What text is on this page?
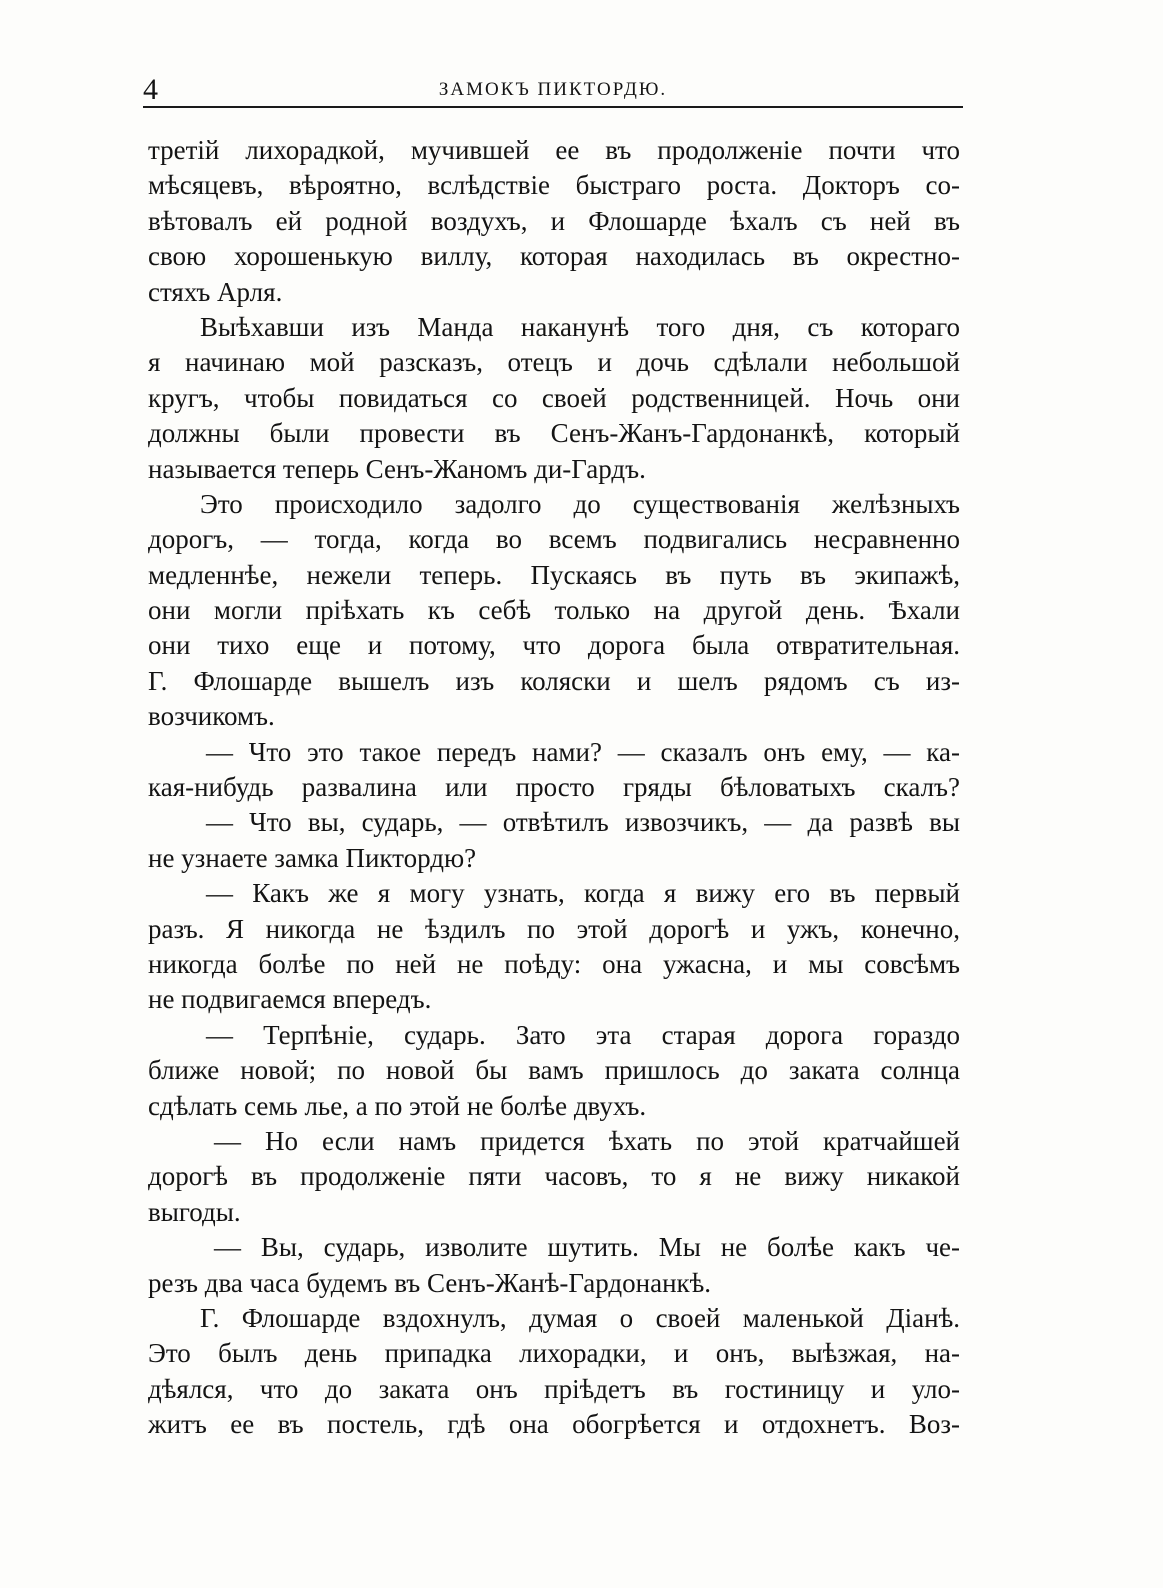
4	ЗАМОКЪ ПИКТОРДЮ.
третій лихорадкой, мучившей ее въ продолженіе почти что
мѣсяцевъ, вѣроятно, вслѣдствіе быстраго роста. Докторъ со-
вѣтовалъ ей родной воздухъ, и Флошарде ѣхалъ съ ней въ
свою хорошенькую виллу, которая находилась въ окрестно-
стяхъ Арля.
Выѣхавши изъ Манда наканунѣ того дня, съ котораго
я начинаю мой разсказъ, отецъ и дочь сдѣлали небольшой
кругъ, чтобы повидаться со своей родственницей. Ночь они
должны были провести въ Сенъ-Жанъ-Гардонанкѣ, который
называется теперь Сенъ-Жаномъ ди-Гардъ.
Это происходило задолго до существованія желѣзныхъ
дорогъ, — тогда, когда во всемъ подвигались несравненно
медленнѣе, нежели теперь. Пускаясь въ путь въ экипажѣ,
они могли пріѣхать къ себѣ только на другой день. Ѣхали
они тихо еще и потому, что дорога была отвратительная.
Г. Флошарде вышелъ изъ коляски и шелъ рядомъ съ из-
возчикомъ.
— Что это такое передъ нами? — сказалъ онъ ему, — ка-
кая-нибудь развалина или просто гряды бѣловатыхъ скалъ?
— Что вы, сударь, — отвѣтилъ извозчикъ, — да развѣ вы
не узнаете замка Пиктордю?
— Какъ же я могу узнать, когда я вижу его въ первый
разъ. Я никогда не ѣздилъ по этой дорогѣ и ужъ, конечно,
никогда болѣе по ней не поѣду: она ужасна, и мы совсѣмъ
не подвигаемся впередъ.
— Терпѣніе, сударь. Зато эта старая дорога гораздо
ближе новой; по новой бы вамъ пришлось до заката солнца
сдѣлать семь лье, а по этой не болѣе двухъ.
— Но если намъ придется ѣхать по этой кратчайшей
дорогѣ въ продолженіе пяти часовъ, то я не вижу никакой
выгоды.
— Вы, сударь, изволите шутить. Мы не болѣе какъ че-
резъ два часа будемъ въ Сенъ-Жанѣ-Гардонанкѣ.
Г. Флошарде вздохнулъ, думая о своей маленькой Діанѣ.
Это былъ день припадка лихорадки, и онъ, выѣзжая, на-
дѣялся, что до заката онъ пріѣдетъ въ гостиницу и уло-
житъ ее въ постель, гдѣ она обогрѣется и отдохнетъ. Воз-
